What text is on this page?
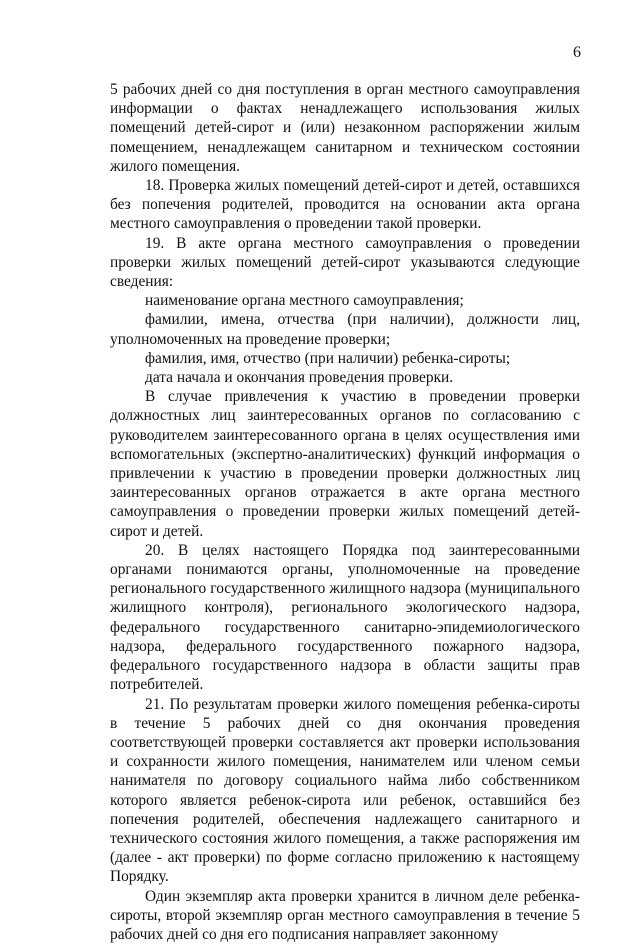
6

5 рабочих дней со дня поступления в орган местного самоуправления информации о фактах ненадлежащего использования жилых помещений детей-сирот и (или) незаконном распоряжении жилым помещением, ненадлежащем санитарном и техническом состоянии жилого помещения.

18. Проверка жилых помещений детей-сирот и детей, оставшихся без попечения родителей, проводится на основании акта органа местного самоуправления о проведении такой проверки.

19. В акте органа местного самоуправления о проведении проверки жилых помещений детей-сирот указываются следующие сведения:

наименование органа местного самоуправления;

фамилии, имена, отчества (при наличии), должности лиц, уполномоченных на проведение проверки;

фамилия, имя, отчество (при наличии) ребенка-сироты;

дата начала и окончания проведения проверки.

В случае привлечения к участию в проведении проверки должностных лиц заинтересованных органов по согласованию с руководителем заинтересованного органа в целях осуществления ими вспомогательных (экспертно-аналитических) функций информация о привлечении к участию в проведении проверки должностных лиц заинтересованных органов отражается в акте органа местного самоуправления о проведении проверки жилых помещений детей-сирот и детей.

20. В целях настоящего Порядка под заинтересованными органами понимаются органы, уполномоченные на проведение регионального государственного жилищного надзора (муниципального жилищного контроля), регионального экологического надзора, федерального государственного санитарно-эпидемиологического надзора, федерального государственного пожарного надзора, федерального государственного надзора в области защиты прав потребителей.

21. По результатам проверки жилого помещения ребенка-сироты в течение 5 рабочих дней со дня окончания проведения соответствующей проверки составляется акт проверки использования и сохранности жилого помещения, нанимателем или членом семьи нанимателя по договору социального найма либо собственником которого является ребенок-сирота или ребенок, оставшийся без попечения родителей, обеспечения надлежащего санитарного и технического состояния жилого помещения, а также распоряжения им (далее - акт проверки) по форме согласно приложению к настоящему Порядку.

Один экземпляр акта проверки хранится в личном деле ребенка-сироты, второй экземпляр орган местного самоуправления в течение 5 рабочих дней со дня его подписания направляет законному
